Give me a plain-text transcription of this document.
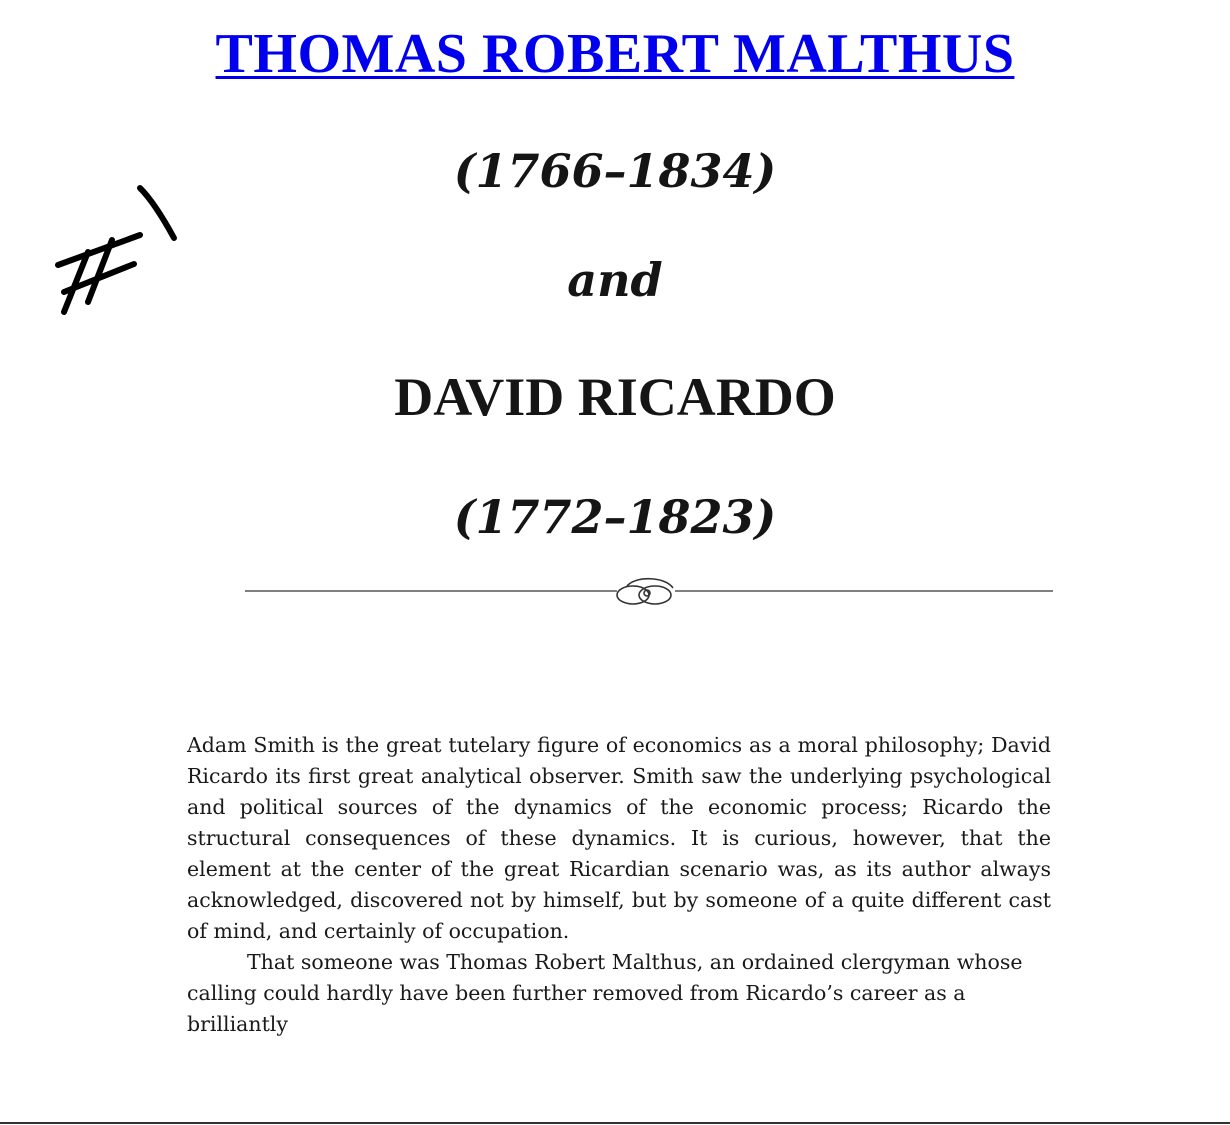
THOMAS ROBERT MALTHUS
(1766–1834)
and
DAVID RICARDO
(1772–1823)

Adam Smith is the great tutelary figure of economics as a moral philosophy; David Ricardo its first great analytical observer. Smith saw the underlying psychological and political sources of the dynamics of the economic process; Ricardo the structural consequences of these dynamics. It is curious, however, that the element at the center of the great Ricardian scenario was, as its author always acknowledged, discovered not by himself, but by someone of a quite different cast of mind, and certainly of occupation.

That someone was Thomas Robert Malthus, an ordained clergyman whose calling could hardly have been further removed from Ricardo’s career as a brilliantly
